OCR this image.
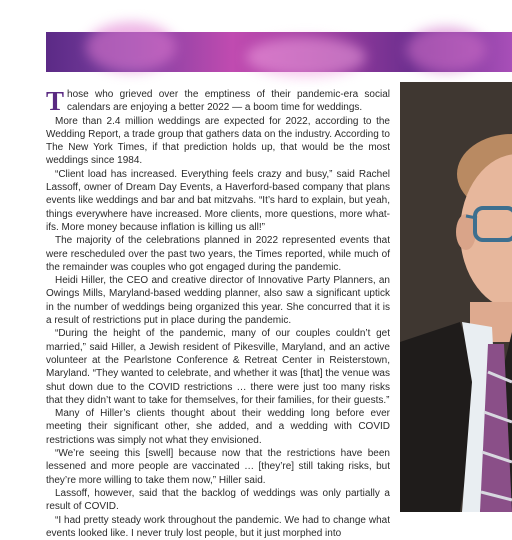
Those who grieved over the emptiness of their pandemic-era social calendars are enjoying a better 2022 — a boom time for weddings.

More than 2.4 million weddings are expected for 2022, according to the Wedding Report, a trade group that gathers data on the industry. According to The New York Times, if that prediction holds up, that would be the most weddings since 1984.

“Client load has increased. Everything feels crazy and busy,” said Rachel Lassoff, owner of Dream Day Events, a Haverford-based company that plans events like weddings and bar and bat mitzvahs. “It’s hard to explain, but yeah, things everywhere have increased. More clients, more questions, more what-ifs. More money because inflation is killing us all!”

The majority of the celebrations planned in 2022 represented events that were rescheduled over the past two years, the Times reported, while much of the remainder was couples who got engaged during the pandemic.

Heidi Hiller, the CEO and creative director of Innovative Party Planners, an Owings Mills, Maryland-based wedding planner, also saw a significant uptick in the number of weddings being organized this year. She concurred that it is a result of restrictions put in place during the pandemic.

“During the height of the pandemic, many of our couples couldn’t get married,” said Hiller, a Jewish resident of Pikesville, Maryland, and an active volunteer at the Pearlstone Conference & Retreat Center in Reisterstown, Maryland. “They wanted to celebrate, and whether it was [that] the venue was shut down due to the COVID restrictions … there were just too many risks that they didn’t want to take for themselves, for their families, for their guests.”

Many of Hiller’s clients thought about their wedding long before ever meeting their significant other, she added, and a wedding with COVID restrictions was simply not what they envisioned.

“We’re seeing this [swell] because now that the restrictions have been lessened and more people are vaccinated … [they’re] still taking risks, but they’re more willing to take them now,” Hiller said.

Lassoff, however, said that the backlog of weddings was only partially a result of COVID.

“I had pretty steady work throughout the pandemic. We had to change what events looked like. I never truly lost people, but it just morphed into
